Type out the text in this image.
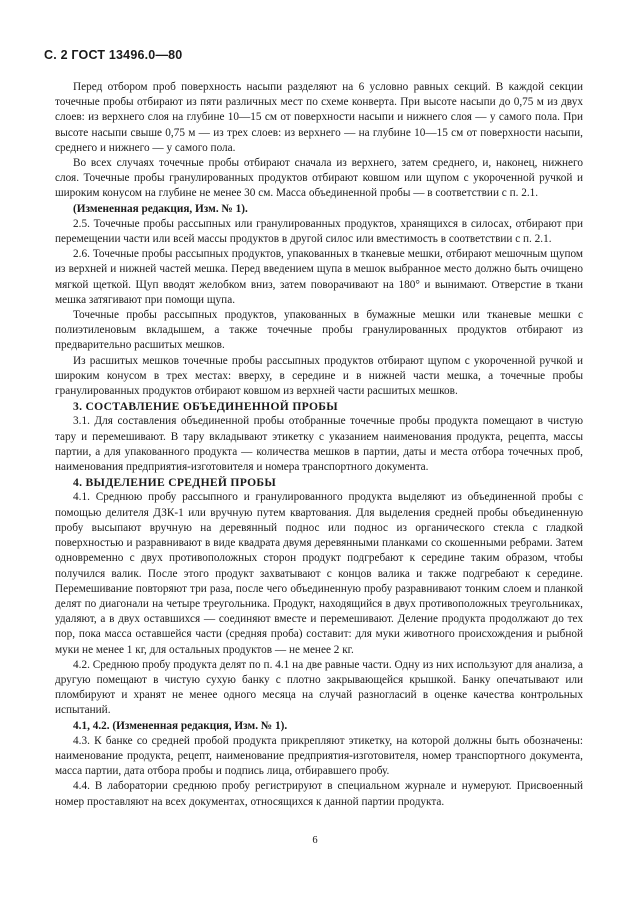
С. 2 ГОСТ 13496.0—80

Перед отбором проб поверхность насыпи разделяют на 6 условно равных секций. В каждой секции точечные пробы отбирают из пяти различных мест по схеме конверта. При высоте насыпи до 0,75 м из двух слоев: из верхнего слоя на глубине 10—15 см от поверхности насыпи и нижнего слоя — у самого пола. При высоте насыпи свыше 0,75 м — из трех слоев: из верхнего — на глубине 10—15 см от поверхности насыпи, среднего и нижнего — у самого пола.

Во всех случаях точечные пробы отбирают сначала из верхнего, затем среднего, и, наконец, нижнего слоя. Точечные пробы гранулированных продуктов отбирают ковшом или щупом с укороченной ручкой и широким конусом на глубине не менее 30 см. Масса объединенной пробы — в соответствии с п. 2.1.

(Измененная редакция, Изм. № 1).

2.5. Точечные пробы рассыпных или гранулированных продуктов, хранящихся в силосах, отбирают при перемещении части или всей массы продуктов в другой силос или вместимость в соответствии с п. 2.1.

2.6. Точечные пробы рассыпных продуктов, упакованных в тканевые мешки, отбирают мешочным щупом из верхней и нижней частей мешка. Перед введением щупа в мешок выбранное место должно быть очищено мягкой щеткой. Щуп вводят желобком вниз, затем поворачивают на 180° и вынимают. Отверстие в ткани мешка затягивают при помощи щупа.

Точечные пробы рассыпных продуктов, упакованных в бумажные мешки или тканевые мешки с полиэтиленовым вкладышем, а также точечные пробы гранулированных продуктов отбирают из предварительно расшитых мешков.

Из расшитых мешков точечные пробы рассыпных продуктов отбирают щупом с укороченной ручкой и широким конусом в трех местах: вверху, в середине и в нижней части мешка, а точечные пробы гранулированных продуктов отбирают ковшом из верхней части расшитых мешков.

3. СОСТАВЛЕНИЕ ОБЪЕДИНЕННОЙ ПРОБЫ

3.1. Для составления объединенной пробы отобранные точечные пробы продукта помещают в чистую тару и перемешивают. В тару вкладывают этикетку с указанием наименования продукта, рецепта, массы партии, а для упакованного продукта — количества мешков в партии, даты и места отбора точечных проб, наименования предприятия-изготовителя и номера транспортного документа.

4. ВЫДЕЛЕНИЕ СРЕДНЕЙ ПРОБЫ

4.1. Среднюю пробу рассыпного и гранулированного продукта выделяют из объединенной пробы с помощью делителя ДЗК-1 или вручную путем квартования. Для выделения средней пробы объединенную пробу высыпают вручную на деревянный поднос или поднос из органического стекла с гладкой поверхностью и разравнивают в виде квадрата двумя деревянными планками со скошенными ребрами. Затем одновременно с двух противоположных сторон продукт подгребают к середине таким образом, чтобы получился валик. После этого продукт захватывают с концов валика и также подгребают к середине. Перемешивание повторяют три раза, после чего объединенную пробу разравнивают тонким слоем и планкой делят по диагонали на четыре треугольника. Продукт, находящийся в двух противоположных треугольниках, удаляют, а в двух оставшихся — соединяют вместе и перемешивают. Деление продукта продолжают до тех пор, пока масса оставшейся части (средняя проба) составит: для муки животного происхождения и рыбной муки не менее 1 кг, для остальных продуктов — не менее 2 кг.

4.2. Среднюю пробу продукта делят по п. 4.1 на две равные части. Одну из них используют для анализа, а другую помещают в чистую сухую банку с плотно закрывающейся крышкой. Банку опечатывают или пломбируют и хранят не менее одного месяца на случай разногласий в оценке качества контрольных испытаний.

4.1, 4.2. (Измененная редакция, Изм. № 1).

4.3. К банке со средней пробой продукта прикрепляют этикетку, на которой должны быть обозначены: наименование продукта, рецепт, наименование предприятия-изготовителя, номер транспортного документа, масса партии, дата отбора пробы и подпись лица, отбиравшего пробу.

4.4. В лаборатории среднюю пробу регистрируют в специальном журнале и нумеруют. Присвоенный номер проставляют на всех документах, относящихся к данной партии продукта.

6
